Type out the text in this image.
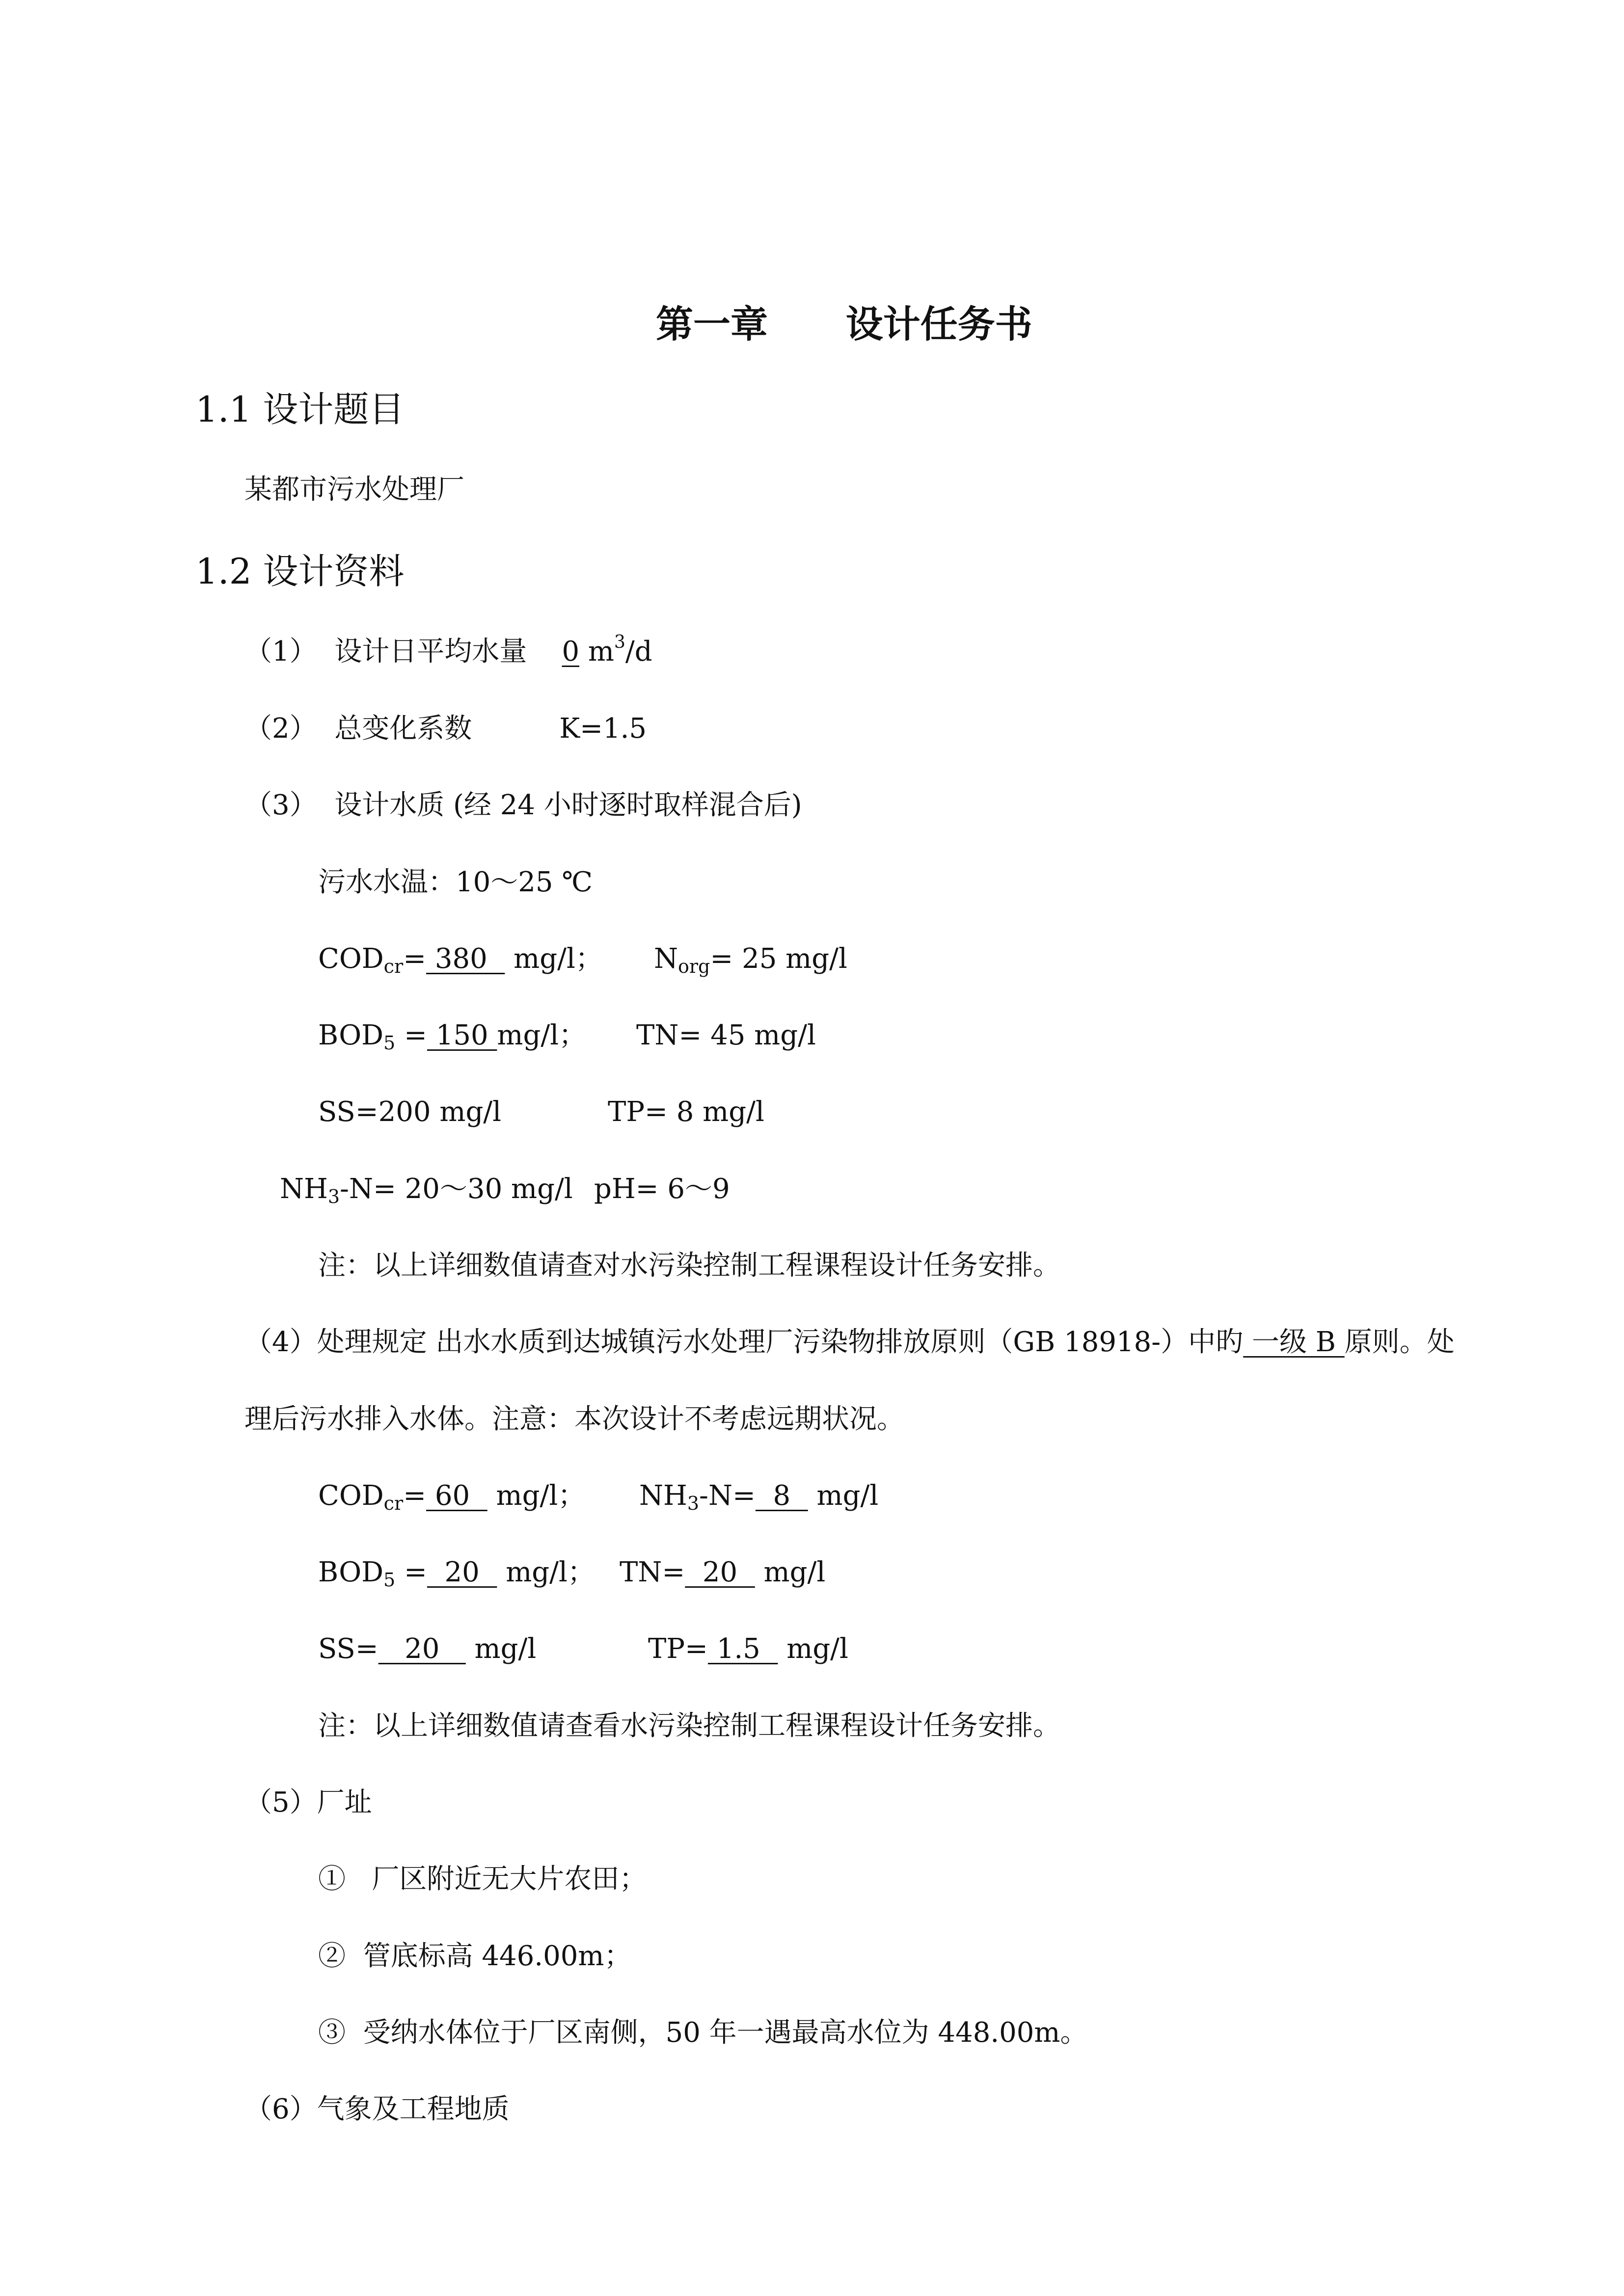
第一章      设计任务书
1.1 设计题目
某都市污水处理厂
1.2 设计资料
（1）  设计日平均水量    0 $m^3/d$
（2）  总变化系数          K=1.5
（3）  设计水质 (经 24 小时逐时取样混合后)
污水水温：10～25 ℃
$COD_{cr}= 380$   mg/l； $N_{org}= 25$ mg/l
$BOD_5 = 150$ mg/l； TN= 45 mg/l
SS=200 mg/l	TP= 8 mg/l
$NH_3-N=$ 20～30 mg/l pH= 6～9
注：以上详细数值请查对水污染控制工程课程设计任务安排。
（4）处理规定 出水水质到达城镇污水处理厂污染物排放原则（GB 18918-）中旳 一级 B 原则。处
理后污水排入水体。注意：本次设计不考虑远期状况。
$COD_{cr}= 60$   mg/l； $NH_3-N= 8$   mg/l
$BOD_5 = 20$   mg/l； TN=  20   mg/l
SS=   20    mg/l	TP= 1.5   mg/l
注：以上详细数值请查看水污染控制工程课程设计任务安排。
（5）厂址
①   厂区附近无大片农田；
②  管底标高 446.00m；
③  受纳水体位于厂区南侧，50 年一遇最高水位为 448.00m。
（6）气象及工程地质
